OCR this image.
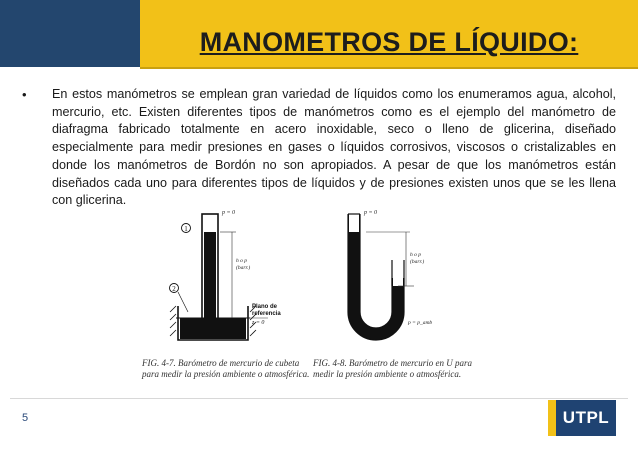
MANOMETROS DE LÍQUIDO:
•	En estos manómetros se emplean gran variedad de líquidos como los enumeramos agua, alcohol, mercurio, etc. Existen diferentes tipos de manómetros como es el ejemplo del manómetro de diafragma fabricado totalmente en acero inoxidable, seco o lleno de glicerina, diseñado especialmente para medir presiones en gases o líquidos corrosivos, viscosos o cristalizables en donde los manómetros de Bordón no son apropiados. A pesar de que los manómetros están diseñados cada uno para diferentes tipos de líquidos y de presiones existen unos que se les llena con glicerina.

1
2
p = 0
h o p
(barr.)
Plano de
referencia
z = 0
p = 0
h o p
(barr.)
p = p_amb
FIG. 4-7. Barómetro de mercurio de cubeta
para medir la presión ambiente o atmosférica.
FIG. 4-8. Barómetro de mercurio en U para
medir la presión ambiente o atmosférica.
5	UTPL
